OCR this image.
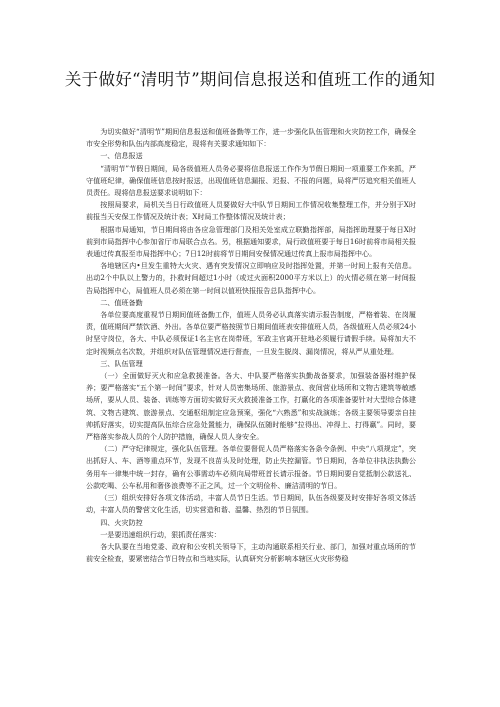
关于做好“清明节”期间信息报送和值班工作的通知

为切实做好“清明节”期间信息报送和值班备勤等工作，进一步强化队伍管理和火灾防控工作，确保全市安全形势和队伍内部高度稳定，现将有关要求通知如下：

一、信息报送

“清明节”节假日期间，局各级值班人员务必要将信息报送工作作为节假日期间一项重要工作来抓，严守值班纪律，确保值班信息按时报送，出现值班信息漏报、迟报、不报的问题，局将严厉追究相关值班人员责任。现将信息报送要求说明如下：

按照局要求，局机关当日行政值班人员要做好大中队节日期间工作情况收集整理工作，并分别于X时前报当天安保工作情况及统计表；X时局工作整体情况及统计表；

根据市局通知，节日期间将由各应急管理部门及相关处室成立联勤指挥部，局指挥助理要于每日X时前到市局指挥中心参加省厅市局联合点名。另，根据通知要求，局行政值班要于每日16时前将市局相关报表通过传真报至市局指挥中心；7日12时前将节日期间安保情况通过传真上报市局指挥中心。

各地辖区内•旦发生重特大火灾、遇有突发情况立即响应及时指挥处置，并第一时间上报有关信息。出动2个中队以上警力的，扑救时间超过1小时（或过火面积2000平方米以上）的火情必须在第一时间报告局指挥中心，局值班人员必须在第一时间以值班快报报告总队指挥中心。

二、值班备勤

各单位要高度重视节日期间值班备勤工作，值班人员务必认真落实请示报告制度，严格着装、在岗履责，值班期间严禁饮酒、外出。各单位要严格按照节日期间值班表安排值班人员，各级值班人员必须24小时坚守岗位，各大、中队必须保证1名主官在岗带班，军政主官离开驻地必须履行请假手续。局将加大不定时视频点名次数，并组织对队伍管理情况进行督查，一旦发生脱岗、漏岗情况，将从严从重处理。

三、队伍管理

（一）全面做好灭火和应急救援准备。各大、中队要严格落实执勤战备要求，加强装备器材维护保养；要严格落实“五个第一时间”要求，针对人员密集场所、旅游景点、夜间营业场所和文物古建筑等敏感场所，要从人员、装备、训练等方面切实做好灭火救援准备工作，打赢化的各项准备要针对大型综合体建筑、文物古建筑、旅游景点、交通枢纽制定应急预案，强化“六熟悉”和实战演练；各级主要领导要亲自挂帅抓好落实，切实提高队伍综合应急处置能力，确保队伍随时能够“拉得出、冲得上、打得赢”。同时，要严格落实参战人员的个人防护措施，确保人员人身安全。

（二）严守纪律规定，强化队伍管理。各单位要督促人员严格落实各条令条例、中央“八项规定”，突出抓好人、车、酒等重点环节，发现不良苗头及时处理，防止失控漏管。节日期间，各单位非执法执勤公务用车一律集中统一封存，确有公事需动车必须向局带班首长请示报备。节日期间要自觉抵制公款送礼、公款吃喝、公车私用和奢侈浪费等不正之风，过一个文明俭朴、廉洁清明的节日。

（三）组织安排好各项文体活动，丰富人员节日生活。节日期间，队伍各级要及时安排好各项文体活动，丰富人员的警营文化生活，切实营造和谐、温馨、热烈的节日氛围。

四、火灾防控

一是要迅速组织行动，狠抓责任落实：

各大队要在当地党委、政府和公安机关领导下，主动沟通联系相关行业、部门，加强对重点场所的节前安全检查，要紧密结合节日特点和当地实际，认真研究分析影响本辖区火灾形势稳
